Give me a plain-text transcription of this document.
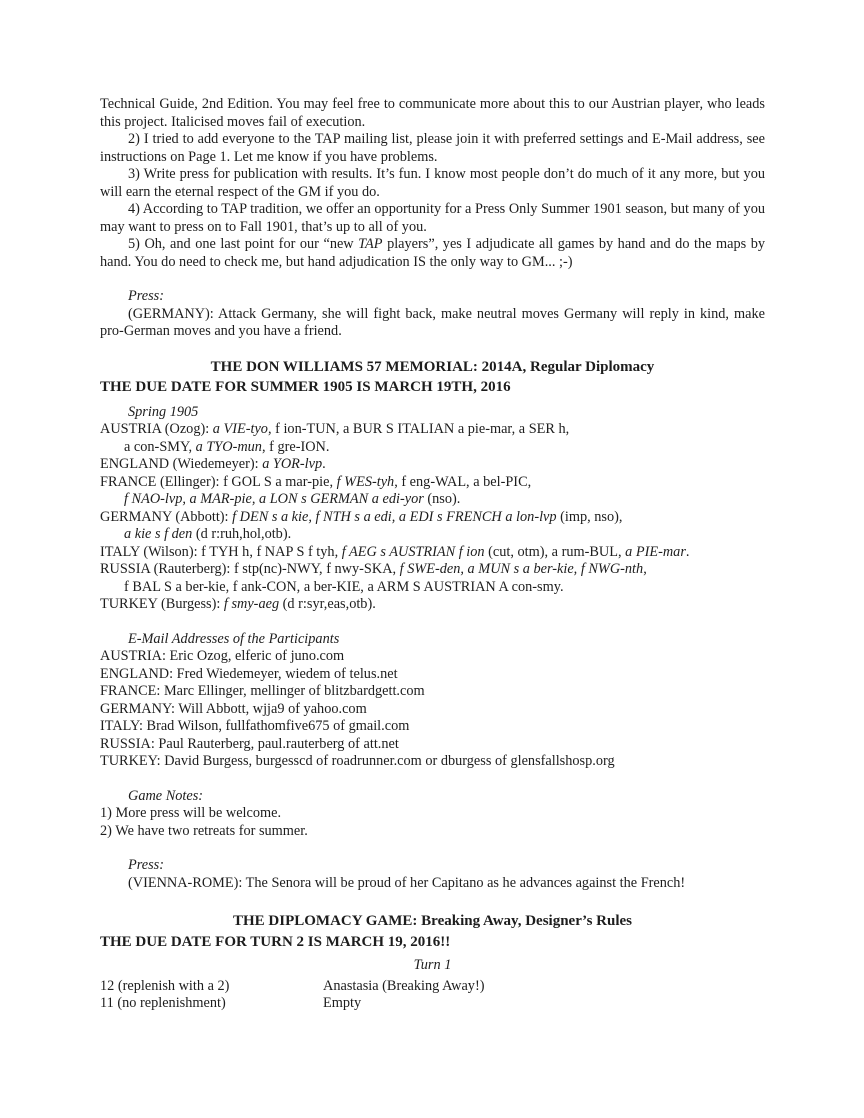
Technical Guide, 2nd Edition. You may feel free to communicate more about this to our Austrian player, who leads this project. Italicised moves fail of execution.

2) I tried to add everyone to the TAP mailing list, please join it with preferred settings and E-Mail address, see instructions on Page 1. Let me know if you have problems.

3) Write press for publication with results. It’s fun. I know most people don’t do much of it any more, but you will earn the eternal respect of the GM if you do.

4) According to TAP tradition, we offer an opportunity for a Press Only Summer 1901 season, but many of you may want to press on to Fall 1901, that’s up to all of you.

5) Oh, and one last point for our “new TAP players”, yes I adjudicate all games by hand and do the maps by hand. You do need to check me, but hand adjudication IS the only way to GM... ;-)

Press:

(GERMANY): Attack Germany, she will fight back, make neutral moves Germany will reply in kind, make pro-German moves and you have a friend.

THE DON WILLIAMS 57 MEMORIAL: 2014A, Regular Diplomacy

THE DUE DATE FOR SUMMER 1905 IS MARCH 19TH, 2016

Spring 1905

AUSTRIA (Ozog): a VIE-tyo, f ion-TUN, a BUR S ITALIAN a pie-mar, a SER h,
a con-SMY, a TYO-mun, f gre-ION.
ENGLAND (Wiedemeyer): a YOR-lvp.
FRANCE (Ellinger): f GOL S a mar-pie, f WES-tyh, f eng-WAL, a bel-PIC,
f NAO-lvp, a MAR-pie, a LON s GERMAN a edi-yor (nso).
GERMANY (Abbott): f DEN s a kie, f NTH s a edi, a EDI s FRENCH a lon-lvp (imp, nso),
a kie s f den (d r:ruh,hol,otb).
ITALY (Wilson): f TYH h, f NAP S f tyh, f AEG s AUSTRIAN f ion (cut, otm), a rum-BUL, a PIE-mar.
RUSSIA (Rauterberg): f stp(nc)-NWY, f nwy-SKA, f SWE-den, a MUN s a ber-kie, f NWG-nth,
f BAL S a ber-kie, f ank-CON, a ber-KIE, a ARM S AUSTRIAN A con-smy.
TURKEY (Burgess): f smy-aeg (d r:syr,eas,otb).

E-Mail Addresses of the Participants

AUSTRIA: Eric Ozog, elferic of juno.com
ENGLAND: Fred Wiedemeyer, wiedem of telus.net
FRANCE: Marc Ellinger, mellinger of blitzbardgett.com
GERMANY: Will Abbott, wjja9 of yahoo.com
ITALY: Brad Wilson, fullfathomfive675 of gmail.com
RUSSIA: Paul Rauterberg, paul.rauterberg of att.net
TURKEY: David Burgess, burgesscd of roadrunner.com or dburgess of glensfallshosp.org

Game Notes:

1) More press will be welcome.
2) We have two retreats for summer.

Press:

(VIENNA-ROME): The Senora will be proud of her Capitano as he advances against the French!

THE DIPLOMACY GAME: Breaking Away, Designer’s Rules

THE DUE DATE FOR TURN 2 IS MARCH 19, 2016!!

Turn 1

12 (replenish with a 2)	Anastasia (Breaking Away!)
11 (no replenishment)	Empty
